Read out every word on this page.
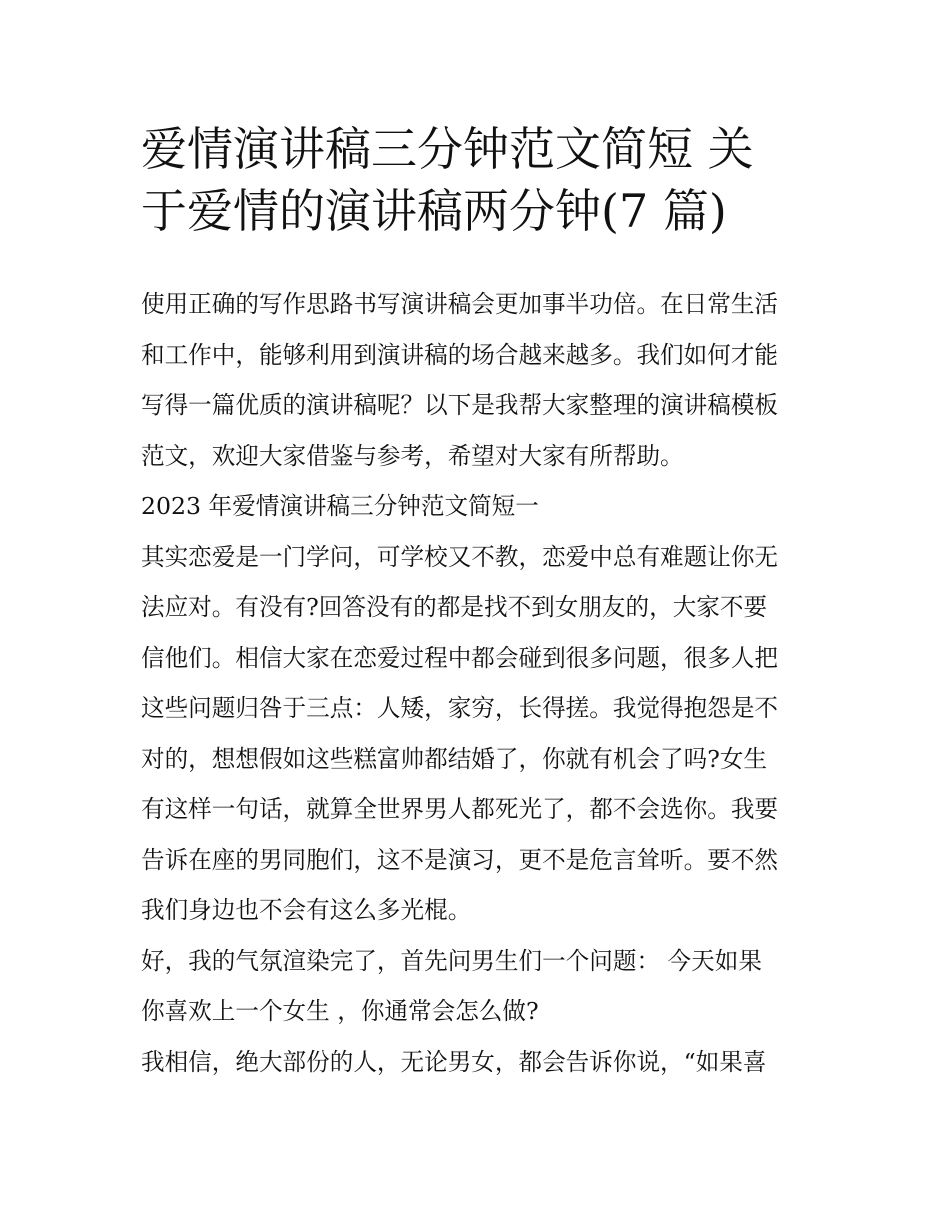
爱情演讲稿三分钟范文简短 关
于爱情的演讲稿两分钟(7 篇)

使用正确的写作思路书写演讲稿会更加事半功倍。在日常生活
和工作中，能够利用到演讲稿的场合越来越多。我们如何才能
写得一篇优质的演讲稿呢？以下是我帮大家整理的演讲稿模板
范文，欢迎大家借鉴与参考，希望对大家有所帮助。

2023 年爱情演讲稿三分钟范文简短一

其实恋爱是一门学问，可学校又不教，恋爱中总有难题让你无
法应对。有没有?回答没有的都是找不到女朋友的，大家不要
信他们。相信大家在恋爱过程中都会碰到很多问题，很多人把
这些问题归咎于三点：人矮，家穷，长得搓。我觉得抱怨是不
对的，想想假如这些糕富帅都结婚了，你就有机会了吗?女生
有这样一句话，就算全世界男人都死光了，都不会选你。我要
告诉在座的男同胞们，这不是演习，更不是危言耸听。要不然
我们身边也不会有这么多光棍。

好，我的气氛渲染完了，首先问男生们一个问题： 今天如果
你喜欢上一个女生 ，你通常会怎么做?

我相信，绝大部份的人，无论男女，都会告诉你说，“如果喜
